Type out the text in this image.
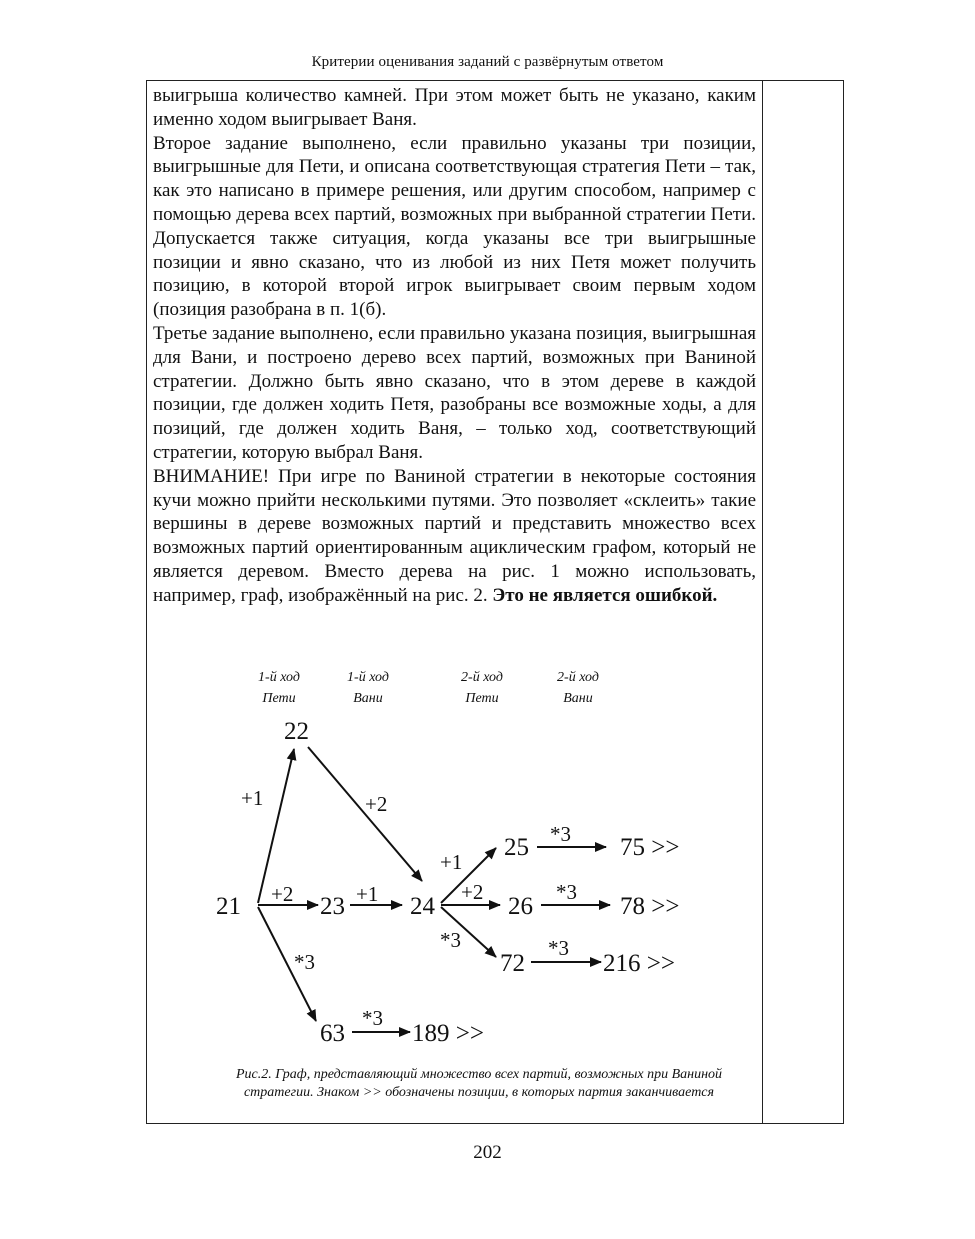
Критерии оценивания заданий с развёрнутым ответом

выигрыша количество камней. При этом может быть не указано, каким именно ходом выигрывает Ваня.

Второе задание выполнено, если правильно указаны три позиции, выигрышные для Пети, и описана соответствующая стратегия Пети – так, как это написано в примере решения, или другим способом, например с помощью дерева всех партий, возможных при выбранной стратегии Пети. Допускается также ситуация, когда указаны все три выигрышные позиции и явно сказано, что из любой из них Петя может получить позицию, в которой второй игрок выигрывает своим первым ходом (позиция разобрана в п. 1(б).

Третье задание выполнено, если правильно указана позиция, выигрышная для Вани, и построено дерево всех партий, возможных при Ваниной стратегии. Должно быть явно сказано, что в этом дереве в каждой позиции, где должен ходить Петя, разобраны все возможные ходы, а для позиций, где должен ходить Ваня, – только ход, соответствующий стратегии, которую выбрал Ваня.

ВНИМАНИЕ! При игре по Ваниной стратегии в некоторые состояния кучи можно прийти несколькими путями. Это позволяет «склеить» такие вершины в дереве возможных партий и представить множество всех возможных партий ориентированным ациклическим графом, который не является деревом. Вместо дерева на рис. 1 можно использовать, например, граф, изображённый на рис. 2. Это не является ошибкой.

1-й ход
Пети
1-й ход
Вани
2-й ход
Пети
2-й ход
Вани
+1	+2
+2	+1
*3
+1
+2
*3
*3
*3
*3
*3
21
22
23	24
25
26
72
63
75 >>
78 >>
216 >>
189 >>
Рис.2. Граф, представляющий множество всех партий, возможных при Ваниной стратегии. Знаком >> обозначены позиции, в которых партия заканчивается
202
